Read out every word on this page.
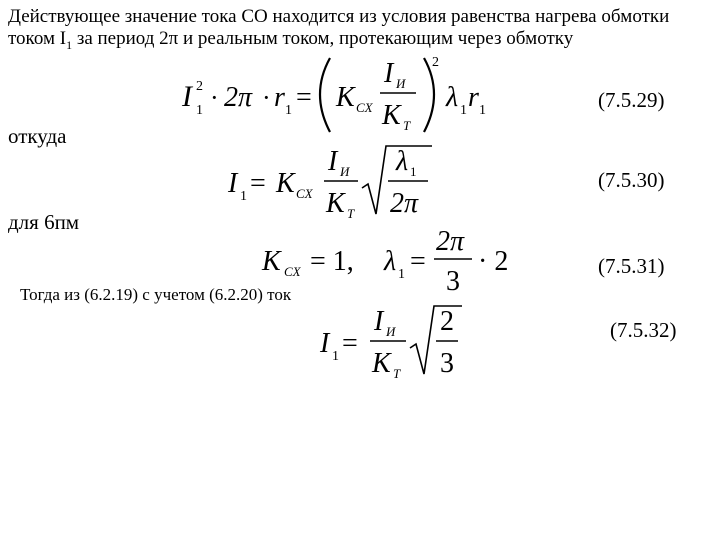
Действующее значение тока СО находится из условия равенства нагрева обмотки
током $I_1$ за период 2π и реальным током, протекающим через обмотку
откуда
для 6пм
Тогда из (6.2.19) с учетом (6.2.20) ток
(7.5.29)
(7.5.30)
(7.5.31)
(7.5.32)
I 2
1 · 2π · r 1 = K CX
I И
K T
2
λ 1 r 1
I 1 = K CX
I И
K T
λ 1
2π
K CX = 1, λ 1 =
2π
3
· 2
I 1 =
I И
K T
2
3
